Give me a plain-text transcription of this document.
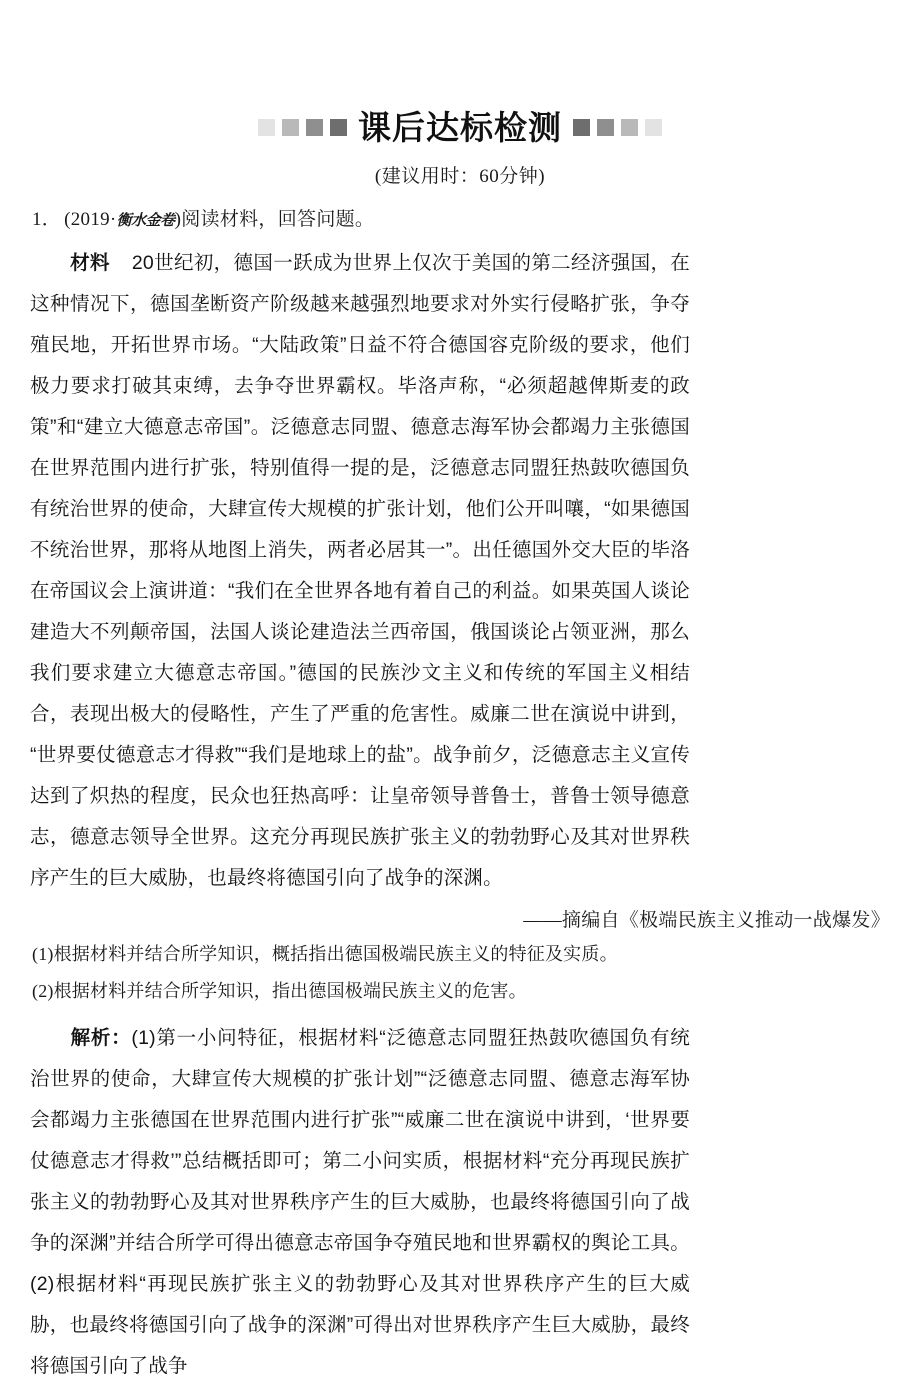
课后达标检测
(建议用时：60分钟)
1． (2019·衡水金卷)阅读材料，回答问题。
材料 20世纪初，德国一跃成为世界上仅次于美国的第二经济强国，在这种情况下，德国垄断资产阶级越来越强烈地要求对外实行侵略扩张，争夺殖民地，开拓世界市场。“大陆政策”日益不符合德国容克阶级的要求，他们极力要求打破其束缚，去争夺世界霸权。毕洛声称，“必须超越俾斯麦的政策”和“建立大德意志帝国”。泛德意志同盟、德意志海军协会都竭力主张德国在世界范围内进行扩张，特别值得一提的是，泛德意志同盟狂热鼓吹德国负有统治世界的使命，大肆宣传大规模的扩张计划，他们公开叫嚷，“如果德国不统治世界，那将从地图上消失，两者必居其一”。出任德国外交大臣的毕洛在帝国议会上演讲道：“我们在全世界各地有着自己的利益。如果英国人谈论建造大不列颠帝国，法国人谈论建造法兰西帝国，俄国谈论占领亚洲，那么我们要求建立大德意志帝国。”德国的民族沙文主义和传统的军国主义相结合，表现出极大的侵略性，产生了严重的危害性。威廉二世在演说中讲到，“世界要仗德意志才得救”“我们是地球上的盐”。战争前夕，泛德意志主义宣传达到了炽热的程度，民众也狂热高呼：让皇帝领导普鲁士，普鲁士领导德意志，德意志领导全世界。这充分再现民族扩张主义的勃勃野心及其对世界秩序产生的巨大威胁，也最终将德国引向了战争的深渊。
——摘编自《极端民族主义推动一战爆发》
(1)根据材料并结合所学知识，概括指出德国极端民族主义的特征及实质。
(2)根据材料并结合所学知识，指出德国极端民族主义的危害。
解析：(1)第一小问特征，根据材料“泛德意志同盟狂热鼓吹德国负有统治世界的使命，大肆宣传大规模的扩张计划”“泛德意志同盟、德意志海军协会都竭力主张德国在世界范围内进行扩张”“威廉二世在演说中讲到，‘世界要仗德意志才得救’”总结概括即可；第二小问实质，根据材料“充分再现民族扩张主义的勃勃野心及其对世界秩序产生的巨大威胁，也最终将德国引向了战争的深渊”并结合所学可得出德意志帝国争夺殖民地和世界霸权的舆论工具。(2)根据材料“再现民族扩张主义的勃勃野心及其对世界秩序产生的巨大威胁，也最终将德国引向了战争的深渊”可得出对世界秩序产生巨大威胁，最终将德国引向了战争
